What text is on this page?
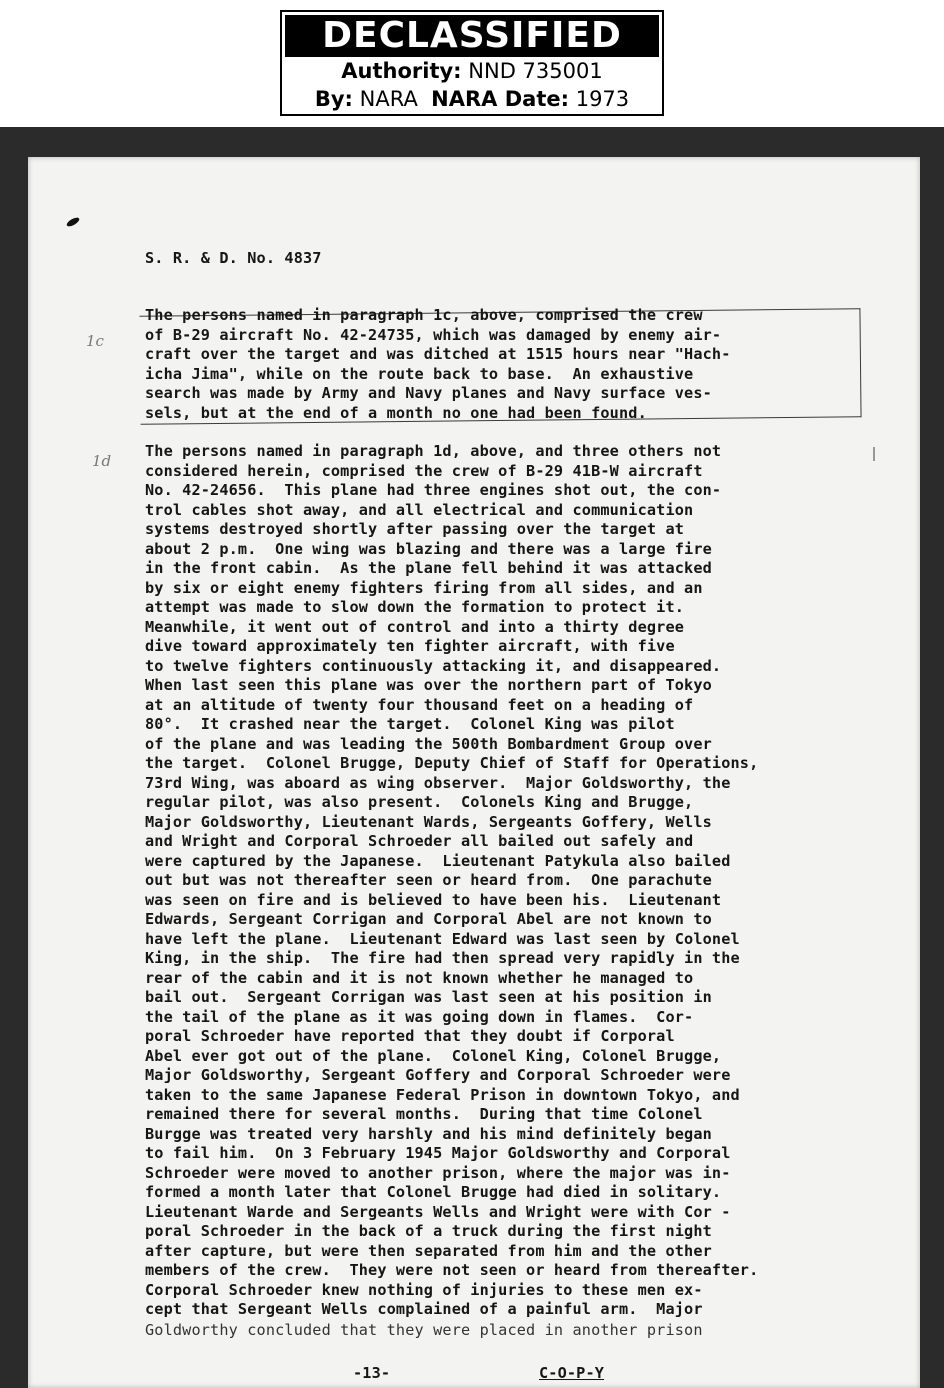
DECLASSIFIED
Authority: NND 735001
By: NARA NARA Date: 1973
S. R. & D. No. 4837
1c
The persons named in paragraph 1c, above, comprised the crew
of B-29 aircraft No. 42-24735, which was damaged by enemy air-
craft over the target and was ditched at 1515 hours near "Hach-
icha Jima", while on the route back to base.  An exhaustive
search was made by Army and Navy planes and Navy surface ves-
sels, but at the end of a month no one had been found.
1d
The persons named in paragraph 1d, above, and three others not
considered herein, comprised the crew of B-29 41B-W aircraft
No. 42-24656.  This plane had three engines shot out, the con-
trol cables shot away, and all electrical and communication
systems destroyed shortly after passing over the target at
about 2 p.m.  One wing was blazing and there was a large fire
in the front cabin.  As the plane fell behind it was attacked
by six or eight enemy fighters firing from all sides, and an
attempt was made to slow down the formation to protect it.
Meanwhile, it went out of control and into a thirty degree
dive toward approximately ten fighter aircraft, with five
to twelve fighters continuously attacking it, and disappeared.
When last seen this plane was over the northern part of Tokyo
at an altitude of twenty four thousand feet on a heading of
80°.  It crashed near the target.  Colonel King was pilot
of the plane and was leading the 500th Bombardment Group over
the target.  Colonel Brugge, Deputy Chief of Staff for Operations,
73rd Wing, was aboard as wing observer.  Major Goldsworthy, the
regular pilot, was also present.  Colonels King and Brugge,
Major Goldsworthy, Lieutenant Wards, Sergeants Goffery, Wells
and Wright and Corporal Schroeder all bailed out safely and
were captured by the Japanese.  Lieutenant Patykula also bailed
out but was not thereafter seen or heard from.  One parachute
was seen on fire and is believed to have been his.  Lieutenant
Edwards, Sergeant Corrigan and Corporal Abel are not known to
have left the plane.  Lieutenant Edward was last seen by Colonel
King, in the ship.  The fire had then spread very rapidly in the
rear of the cabin and it is not known whether he managed to
bail out.  Sergeant Corrigan was last seen at his position in
the tail of the plane as it was going down in flames.  Cor-
poral Schroeder have reported that they doubt if Corporal
Abel ever got out of the plane.  Colonel King, Colonel Brugge,
Major Goldsworthy, Sergeant Goffery and Corporal Schroeder were
taken to the same Japanese Federal Prison in downtown Tokyo, and
remained there for several months.  During that time Colonel
Burgge was treated very harshly and his mind definitely began
to fail him.  On 3 February 1945 Major Goldsworthy and Corporal
Schroeder were moved to another prison, where the major was in-
formed a month later that Colonel Brugge had died in solitary.
Lieutenant Warde and Sergeants Wells and Wright were with Cor -
poral Schroeder in the back of a truck during the first night
after capture, but were then separated from him and the other
members of the crew.  They were not seen or heard from thereafter.
Corporal Schroeder knew nothing of injuries to these men ex-
cept that Sergeant Wells complained of a painful arm.  Major
Goldworthy concluded that they were placed in another prison
-13-	C-O-P-Y
